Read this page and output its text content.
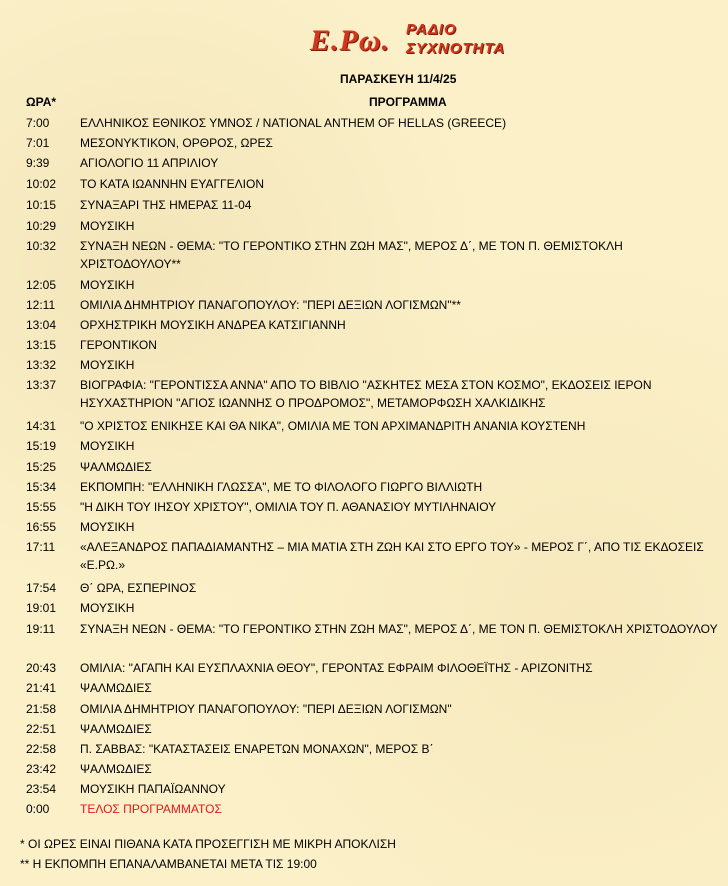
Ε.Ρω. ΡΑΔΙΟ
ΣΥΧΝΟΤΗΤΑ
ΠΑΡΑΣΚΕΥΗ 11/4/25
ΩΡΑ*	ΠΡΟΓΡΑΜΜΑ
7:00	ΕΛΛΗΝΙΚΟΣ ΕΘΝΙΚΟΣ ΥΜΝΟΣ / NATIONAL ANTHEM OF HELLAS (GREECE)
7:01	ΜΕΣΟΝΥΚΤΙΚΟΝ, ΟΡΘΡΟΣ, ΩΡΕΣ
9:39	ΑΓΙΟΛΟΓΙΟ 11 ΑΠΡΙΛΙΟΥ
10:02 ΤΟ ΚΑΤΑ ΙΩΑΝΝΗΝ ΕΥΑΓΓΕΛΙΟΝ
10:15 ΣΥΝΑΞΑΡΙ ΤΗΣ ΗΜΕΡΑΣ 11-04
10:29 ΜΟΥΣΙΚΗ
10:32 ΣΥΝΑΞΗ ΝΕΩΝ - ΘΕΜΑ: "ΤΟ ΓΕΡΟΝΤΙΚΟ ΣΤΗΝ ΖΩΗ ΜΑΣ", ΜΕΡΟΣ Δ΄, ΜΕ ΤΟΝ Π. ΘΕΜΙΣΤΟΚΛΗ ΧΡΙΣΤΟΔΟΥΛΟΥ**
12:05 ΜΟΥΣΙΚΗ
12:11 ΟΜΙΛΙΑ ΔΗΜΗΤΡΙΟΥ ΠΑΝΑΓΟΠΟΥΛΟΥ: "ΠΕΡΙ ΔΕΞΙΩΝ ΛΟΓΙΣΜΩΝ"**
13:04 ΟΡΧΗΣΤΡΙΚΗ ΜΟΥΣΙΚΗ ΑΝΔΡΕΑ ΚΑΤΣΙΓΙΑΝΝΗ
13:15 ΓΕΡΟΝΤΙΚΟΝ
13:32 ΜΟΥΣΙΚΗ
13:37 ΒΙΟΓΡΑΦΙΑ: "ΓΕΡΟΝΤΙΣΣΑ ΑΝΝΑ" ΑΠΟ ΤΟ ΒΙΒΛΙΟ "ΑΣΚΗΤΕΣ ΜΕΣΑ ΣΤΟΝ ΚΟΣΜΟ", ΕΚΔΟΣΕΙΣ ΙΕΡΟΝ ΗΣΥΧΑΣΤΗΡΙΟΝ "ΑΓΙΟΣ ΙΩΑΝΝΗΣ Ο ΠΡΟΔΡΟΜΟΣ", ΜΕΤΑΜΟΡΦΩΣΗ ΧΑΛΚΙΔΙΚΗΣ
14:31 "Ο ΧΡΙΣΤΟΣ ΕΝΙΚΗΣΕ ΚΑΙ ΘΑ ΝΙΚΑ", ΟΜΙΛΙΑ ΜΕ ΤΟΝ ΑΡΧΙΜΑΝΔΡΙΤΗ ΑΝΑΝΙΑ ΚΟΥΣΤΕΝΗ
15:19 ΜΟΥΣΙΚΗ
15:25 ΨΑΛΜΩΔΙΕΣ
15:34 ΕΚΠΟΜΠΗ: "ΕΛΛΗΝΙΚΗ ΓΛΩΣΣΑ", ΜΕ ΤΟ ΦΙΛΟΛΟΓΟ ΓΙΩΡΓΟ ΒΙΛΛΙΩΤΗ
15:55 "Η ΔΙΚΗ ΤΟΥ ΙΗΣΟΥ ΧΡΙΣΤΟΥ", ΟΜΙΛΙΑ ΤΟΥ Π. ΑΘΑΝΑΣΙΟΥ ΜΥΤΙΛΗΝΑΙΟΥ
16:55 ΜΟΥΣΙΚΗ
17:11 «ΑΛΕΞΑΝΔΡΟΣ ΠΑΠΑΔΙΑΜΑΝΤΗΣ – ΜΙΑ ΜΑΤΙΑ ΣΤΗ ΖΩΗ ΚΑΙ ΣΤΟ ΕΡΓΟ ΤΟΥ» - ΜΕΡΟΣ Γ΄, ΑΠΟ ΤΙΣ ΕΚΔΟΣΕΙΣ «Ε.ΡΩ.»
17:54 Θ΄ ΩΡΑ, ΕΣΠΕΡΙΝΟΣ
19:01 ΜΟΥΣΙΚΗ
19:11 ΣΥΝΑΞΗ ΝΕΩΝ - ΘΕΜΑ: "ΤΟ ΓΕΡΟΝΤΙΚΟ ΣΤΗΝ ΖΩΗ ΜΑΣ", ΜΕΡΟΣ Δ΄, ΜΕ ΤΟΝ Π. ΘΕΜΙΣΤΟΚΛΗ ΧΡΙΣΤΟΔΟΥΛΟΥ
20:43 ΟΜΙΛΙΑ: "ΑΓΑΠΗ ΚΑΙ ΕΥΣΠΛΑΧΝΙΑ ΘΕΟΥ", ΓΕΡΟΝΤΑΣ ΕΦΡΑΙΜ ΦΙΛΟΘΕΪΤΗΣ - ΑΡΙΖΟΝΙΤΗΣ
21:41 ΨΑΛΜΩΔΙΕΣ
21:58 ΟΜΙΛΙΑ ΔΗΜΗΤΡΙΟΥ ΠΑΝΑΓΟΠΟΥΛΟΥ: "ΠΕΡΙ ΔΕΞΙΩΝ ΛΟΓΙΣΜΩΝ"
22:51 ΨΑΛΜΩΔΙΕΣ
22:58 Π. ΣΑΒΒΑΣ: "ΚΑΤΑΣΤΑΣΕΙΣ ΕΝΑΡΕΤΩΝ ΜΟΝΑΧΩΝ", ΜΕΡΟΣ Β΄
23:42 ΨΑΛΜΩΔΙΕΣ
23:54 ΜΟΥΣΙΚΗ ΠΑΠΑΪΩΑΝΝΟΥ
0:00	ΤΕΛΟΣ ΠΡΟΓΡΑΜΜΑΤΟΣ
* ΟΙ ΩΡΕΣ ΕΙΝΑΙ ΠΙΘΑΝΑ ΚΑΤΑ ΠΡΟΣΕΓΓΙΣΗ ΜΕ ΜΙΚΡΗ ΑΠΟΚΛΙΣΗ
** Η ΕΚΠΟΜΠΗ ΕΠΑΝΑΛΑΜΒΑΝΕΤΑΙ ΜΕΤΑ ΤΙΣ 19:00
